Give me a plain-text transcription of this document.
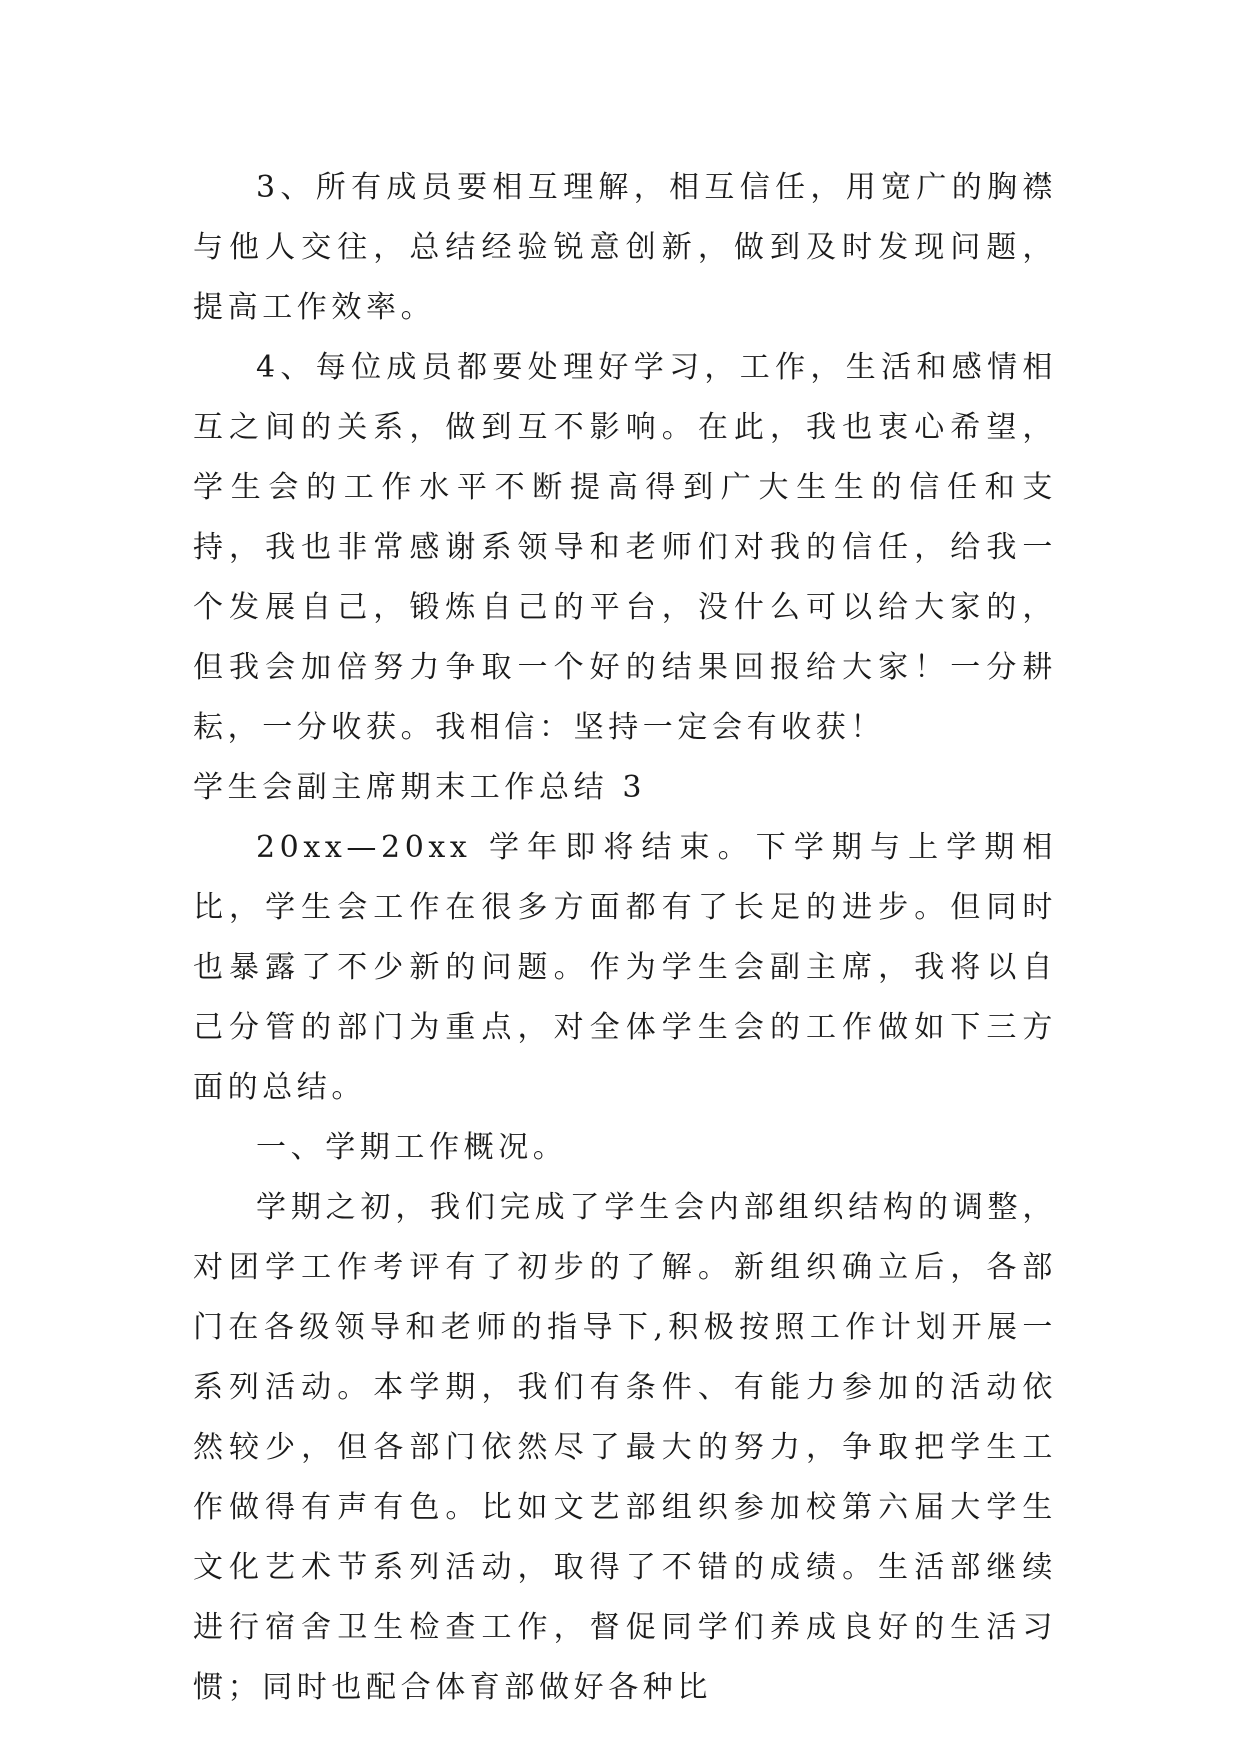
3、所有成员要相互理解，相互信任，用宽广的胸襟与他人交往，总结经验锐意创新，做到及时发现问题，提高工作效率。

4、每位成员都要处理好学习，工作，生活和感情相互之间的关系，做到互不影响。在此，我也衷心希望，学生会的工作水平不断提高得到广大生生的信任和支持，我也非常感谢系领导和老师们对我的信任，给我一个发展自己，锻炼自己的平台，没什么可以给大家的，但我会加倍努力争取一个好的结果回报给大家！一分耕耘，一分收获。我相信：坚持一定会有收获！

学生会副主席期末工作总结 3

20xx—20xx 学年即将结束。下学期与上学期相比，学生会工作在很多方面都有了长足的进步。但同时也暴露了不少新的问题。作为学生会副主席，我将以自己分管的部门为重点，对全体学生会的工作做如下三方面的总结。

一、学期工作概况。

学期之初，我们完成了学生会内部组织结构的调整，对团学工作考评有了初步的了解。新组织确立后，各部门在各级领导和老师的指导下,积极按照工作计划开展一系列活动。本学期，我们有条件、有能力参加的活动依然较少，但各部门依然尽了最大的努力，争取把学生工作做得有声有色。比如文艺部组织参加校第六届大学生文化艺术节系列活动，取得了不错的成绩。生活部继续进行宿舍卫生检查工作，督促同学们养成良好的生活习惯；同时也配合体育部做好各种比
